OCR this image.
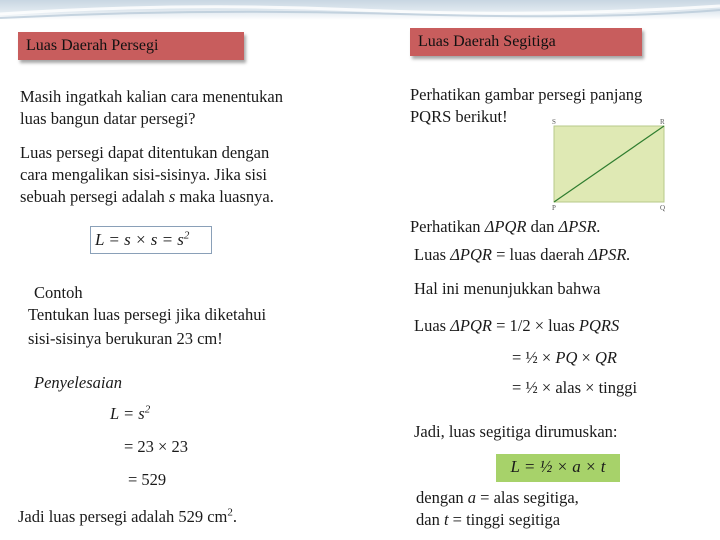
Luas Daerah Persegi
Masih ingatkah kalian cara menentukan
luas bangun datar persegi?
Luas persegi dapat ditentukan dengan
cara mengalikan sisi-sisinya. Jika sisi
sebuah persegi adalah s maka luasnya.
$L = s \times s = s^2$
Contoh
Tentukan luas persegi jika diketahui
sisi-sisinya berukuran 23 cm!
Penyelesaian
$L = s^2$
= 23 × 23
= 529
Jadi luas persegi adalah 529 $cm^2$.
Luas Daerah Segitiga
Perhatikan gambar persegi panjang
PQRS berikut!	S	R
P	Q
Perhatikan ΔPQR dan ΔPSR.
Luas ΔPQR = luas daerah ΔPSR.
Hal ini menunjukkan bahwa
Luas ΔPQR = 1/2 × luas PQRS
= ½ × PQ × QR
= ½ × alas × tinggi
Jadi, luas segitiga dirumuskan:
L = ½ × a × t
dengan a = alas segitiga,
dan t = tinggi segitiga
